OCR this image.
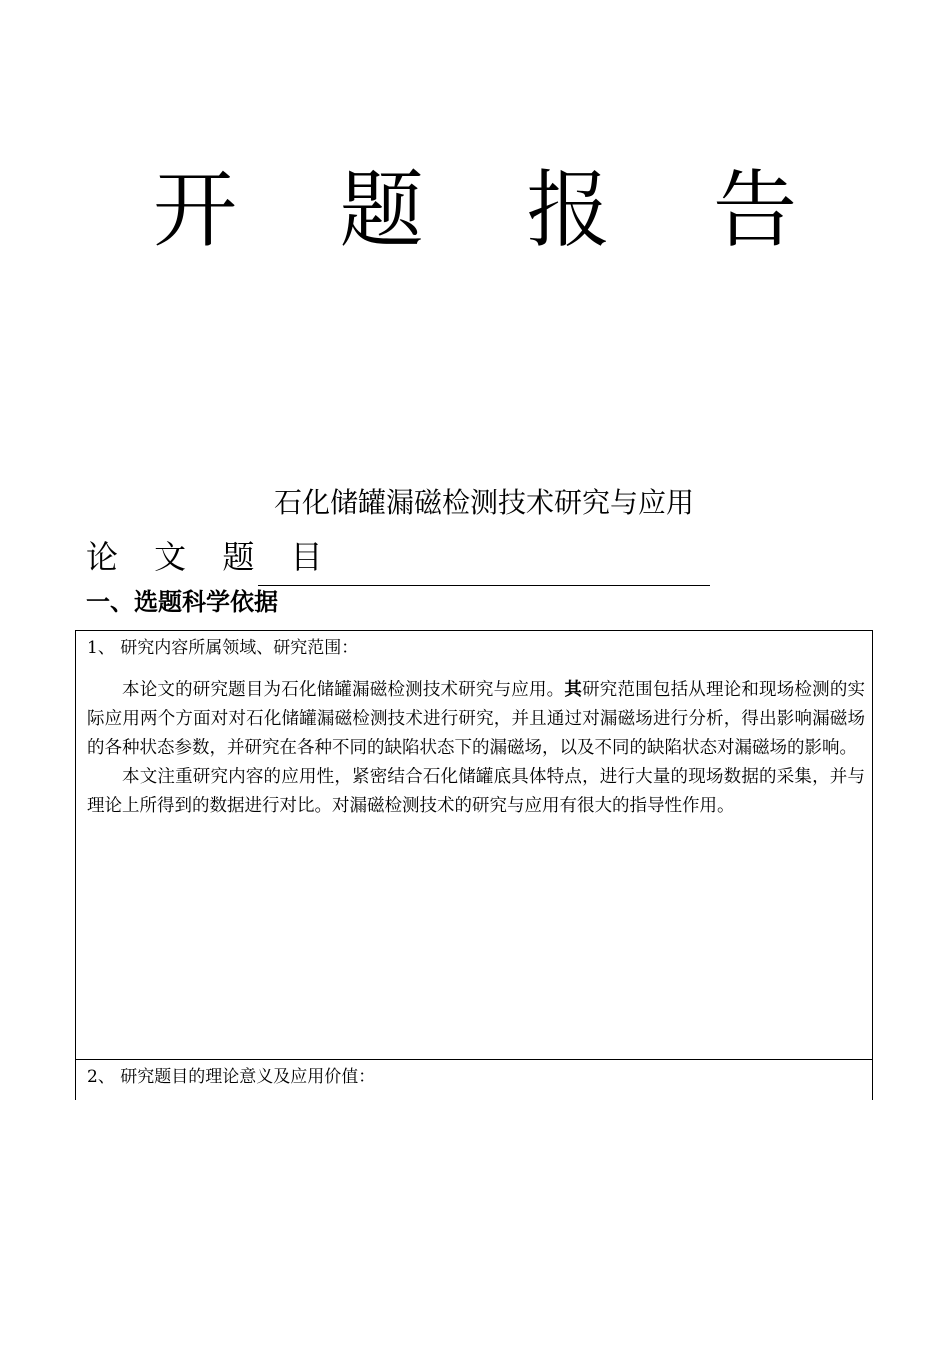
开 题 报 告
论 文 题 目
石化储罐漏磁检测技术研究与应用
一、选题科学依据
1、 研究内容所属领域、研究范围：

本论文的研究题目为石化储罐漏磁检测技术研究与应用。其研究范围包括从理论和现场检测的实际应用两个方面对对石化储罐漏磁检测技术进行研究，并且通过对漏磁场进行分析，得出影响漏磁场的各种状态参数，并研究在各种不同的缺陷状态下的漏磁场，以及不同的缺陷状态对漏磁场的影响。

本文注重研究内容的应用性，紧密结合石化储罐底具体特点，进行大量的现场数据的采集，并与理论上所得到的数据进行对比。对漏磁检测技术的研究与应用有很大的指导性作用。

2、 研究题目的理论意义及应用价值：
